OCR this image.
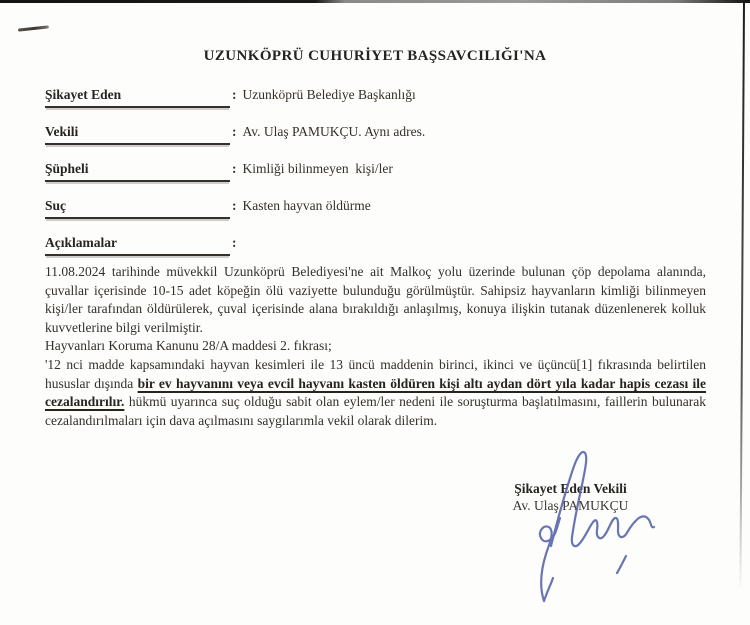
UZUNKÖPRÜ CUHURİYET BAŞSAVCILIĞI'NA
Şikayet Eden	: Uzunköprü Belediye Başkanlığı
Vekili	: Av. Ulaş PAMUKÇU. Aynı adres.
Şüpheli	: Kimliği bilinmeyen  kişi/ler
Suç	: Kasten hayvan öldürme
Açıklamalar	:

11.08.2024 tarihinde müvekkil Uzunköprü Belediyesi'ne ait Malkoç yolu üzerinde bulunan çöp depolama alanında, çuvallar içerisinde 10-15 adet köpeğin ölü vaziyette bulunduğu görülmüştür. Sahipsiz hayvanların kimliği bilinmeyen kişi/ler tarafından öldürülerek, çuval içerisinde alana bırakıldığı anlaşılmış, konuya ilişkin tutanak düzenlenerek kolluk kuvvetlerine bilgi verilmiştir.

Hayvanları Koruma Kanunu 28/A maddesi 2. fıkrası;

'12 nci madde kapsamındaki hayvan kesimleri ile 13 üncü maddenin birinci, ikinci ve üçüncü[1] fıkrasında belirtilen hususlar dışında bir ev hayvanını veya evcil hayvanı kasten öldüren kişi altı aydan dört yıla kadar hapis cezası ile cezalandırılır. hükmü uyarınca suç olduğu sabit olan eylem/ler nedeni ile soruşturma başlatılmasını, faillerin bulunarak cezalandırılmaları için dava açılmasını saygılarımla vekil olarak dilerim.

Şikayet Eden Vekili
Av. Ulaş PAMUKÇU
